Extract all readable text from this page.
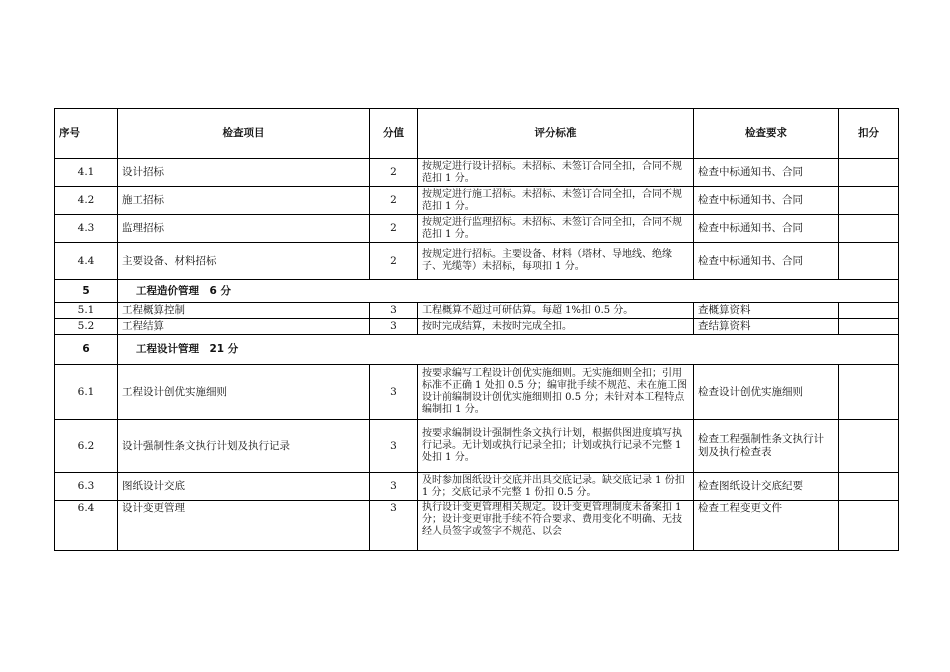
序号	检查项目	分值	评分标准	检查要求	扣分
4.1	设计招标	2	按规定进行设计招标。未招标、未签订合同全扣，合同不规范扣 1 分。	检查中标通知书、合同	
4.2	施工招标	2	按规定进行施工招标。未招标、未签订合同全扣，合同不规范扣 1 分。	检查中标通知书、合同	
4.3	监理招标	2	按规定进行监理招标。未招标、未签订合同全扣，合同不规范扣 1 分。	检查中标通知书、合同	
4.4	主要设备、材料招标	2	按规定进行招标。主要设备、材料（塔材、导地线、绝缘子、光缆等）未招标，每项扣 1 分。	检查中标通知书、合同	
5	工程造价管理　6 分				
5.1	工程概算控制	3	工程概算不超过可研估算。每超 1%扣 0.5 分。	查概算资料	
5.2	工程结算	3	按时完成结算，未按时完成全扣。	查结算资料	
6	工程设计管理　21 分				
6.1	工程设计创优实施细则	3	按要求编写工程设计创优实施细则。无实施细则全扣；引用标准不正确 1 处扣 0.5 分；编审批手续不规范、未在施工图设计前编制设计创优实施细则扣 0.5 分；未针对本工程特点编制扣 1 分。	检查设计创优实施细则	
6.2	设计强制性条文执行计划及执行记录	3	按要求编制设计强制性条文执行计划，根据供图进度填写执行记录。无计划或执行记录全扣；计划或执行记录不完整 1 处扣 1 分。	检查工程强制性条文执行计划及执行检查表	
6.3	图纸设计交底	3	及时参加图纸设计交底并出具交底记录。缺交底记录 1 份扣 1 分；交底记录不完整 1 份扣 0.5 分。	检查图纸设计交底纪要	
6.4	设计变更管理	3	执行设计变更管理相关规定。设计变更管理制度未备案扣 1 分；设计变更审批手续不符合要求、费用变化不明确、无技经人员签字或签字不规范、以会	检查工程变更文件	
